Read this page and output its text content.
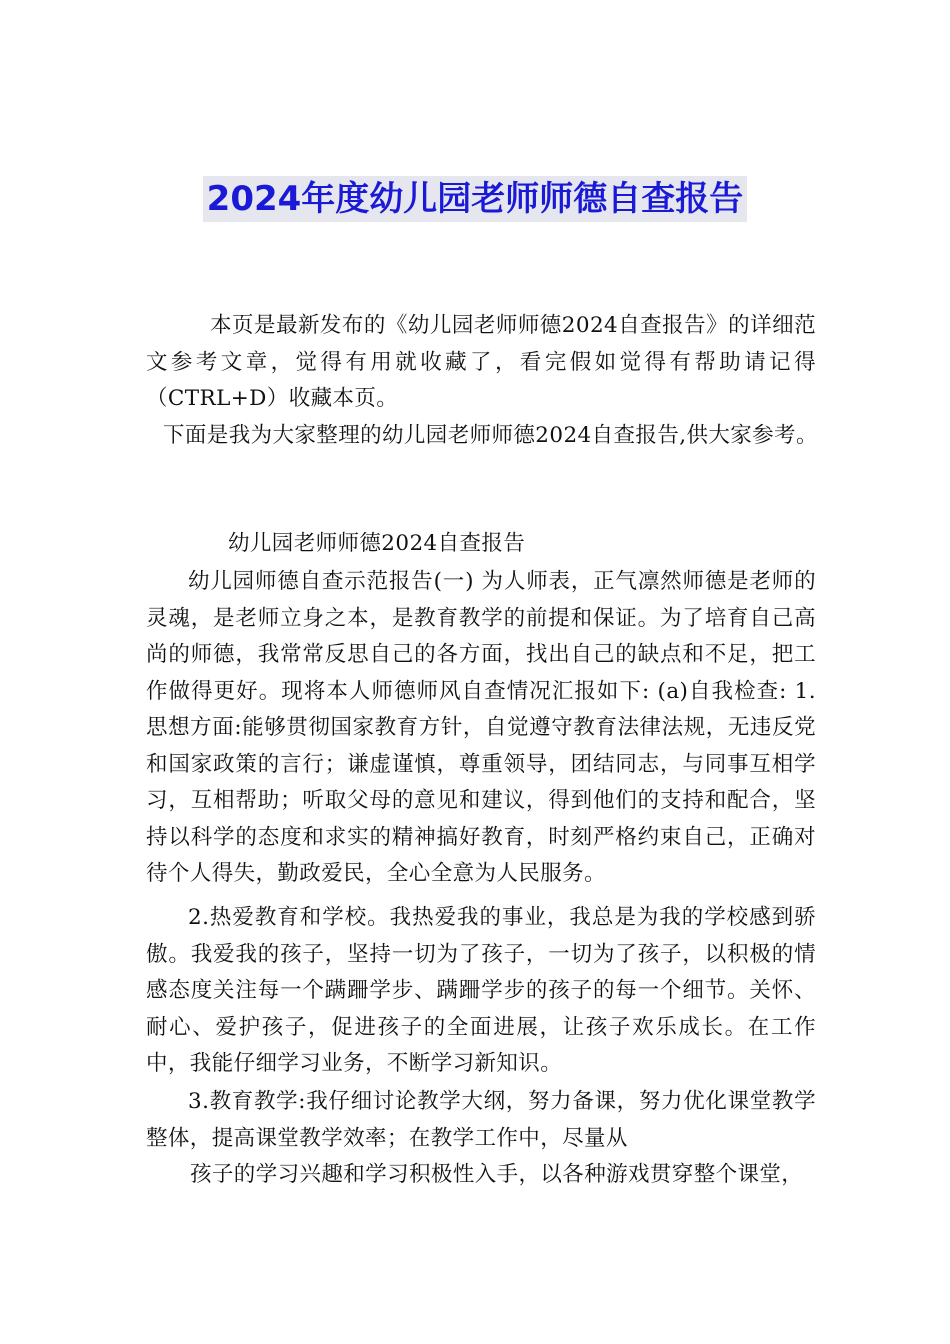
2024年度幼儿园老师师德自查报告

本页是最新发布的《幼儿园老师师德2024自查报告》的详细范文参考文章，觉得有用就收藏了，看完假如觉得有帮助请记得（CTRL+D）收藏本页。

下面是我为大家整理的幼儿园老师师德2024自查报告,供大家参考。

幼儿园老师师德2024自查报告

幼儿园师德自查示范报告(一) 为人师表，正气凛然师德是老师的灵魂，是老师立身之本，是教育教学的前提和保证。为了培育自己高尚的师德，我常常反思自己的各方面，找出自己的缺点和不足，把工作做得更好。现将本人师德师风自查情况汇报如下: (a)自我检查: 1.思想方面:能够贯彻国家教育方针，自觉遵守教育法律法规，无违反党和国家政策的言行；谦虚谨慎，尊重领导，团结同志，与同事互相学习，互相帮助；听取父母的意见和建议，得到他们的支持和配合，坚持以科学的态度和求实的精神搞好教育，时刻严格约束自己，正确对待个人得失，勤政爱民，全心全意为人民服务。

2.热爱教育和学校。我热爱我的事业，我总是为我的学校感到骄傲。我爱我的孩子，坚持一切为了孩子，一切为了孩子，以积极的情感态度关注每一个蹒跚学步、蹒跚学步的孩子的每一个细节。关怀、耐心、爱护孩子，促进孩子的全面进展，让孩子欢乐成长。在工作中，我能仔细学习业务，不断学习新知识。

3.教育教学:我仔细讨论教学大纲，努力备课，努力优化课堂教学整体，提高课堂教学效率；在教学工作中，尽量从

孩子的学习兴趣和学习积极性入手，以各种游戏贯穿整个课堂，
